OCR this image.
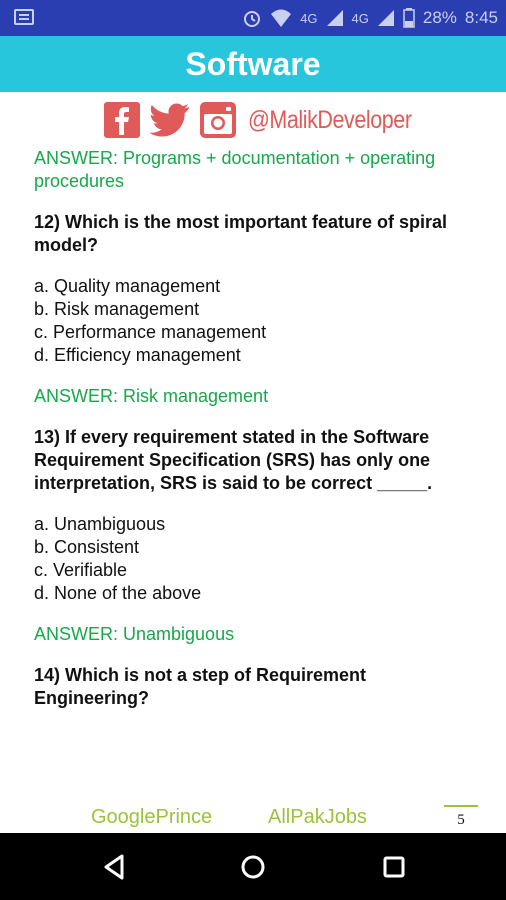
4G	4G	28% 8:45
Software
@MalikDeveloper
ANSWER: Programs + documentation + operating procedures
12) Which is the most important feature of spiral model?
a. Quality management
b. Risk management
c. Performance management
d. Efficiency management
ANSWER: Risk management
13) If every requirement stated in the Software Requirement Specification (SRS) has only one interpretation, SRS is said to be correct _____.
a. Unambiguous
b. Consistent
c. Verifiable
d. None of the above
ANSWER: Unambiguous
14) Which is not a step of Requirement Engineering?
GooglePrince	AllPakJobs	5
